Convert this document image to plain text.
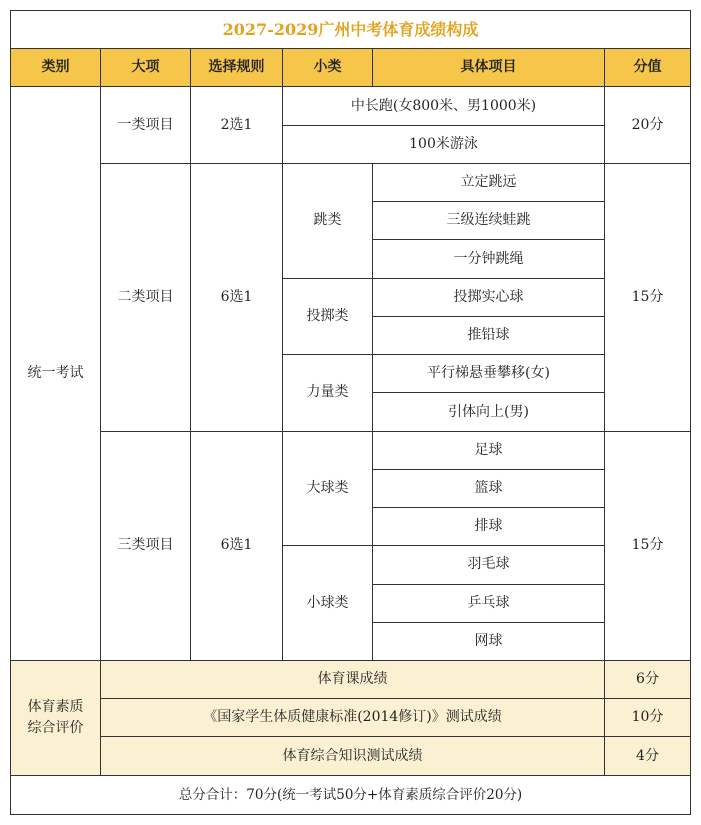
2027-2029广州中考体育成绩构成					
类别	大项	选择规则	小类	具体项目	分值
统一考试	一类项目	2选1	中长跑(女800米、男1000米)		20分
			100米游泳		
	二类项目	6选1	跳类	立定跳远	15分
				三级连续蛙跳	
				一分钟跳绳	
			投掷类	投掷实心球	
				推铅球	
			力量类	平行梯悬垂攀移(女)	
				引体向上(男)	
	三类项目	6选1	大球类	足球	15分
				篮球	
				排球	
			小球类	羽毛球	
				乒乓球	
				网球	
体育素质综合评价	体育课成绩				6分
	《国家学生体质健康标准(2014修订)》测试成绩				10分
	体育综合知识测试成绩				4分
总分合计：70分(统一考试50分+体育素质综合评价20分)					
